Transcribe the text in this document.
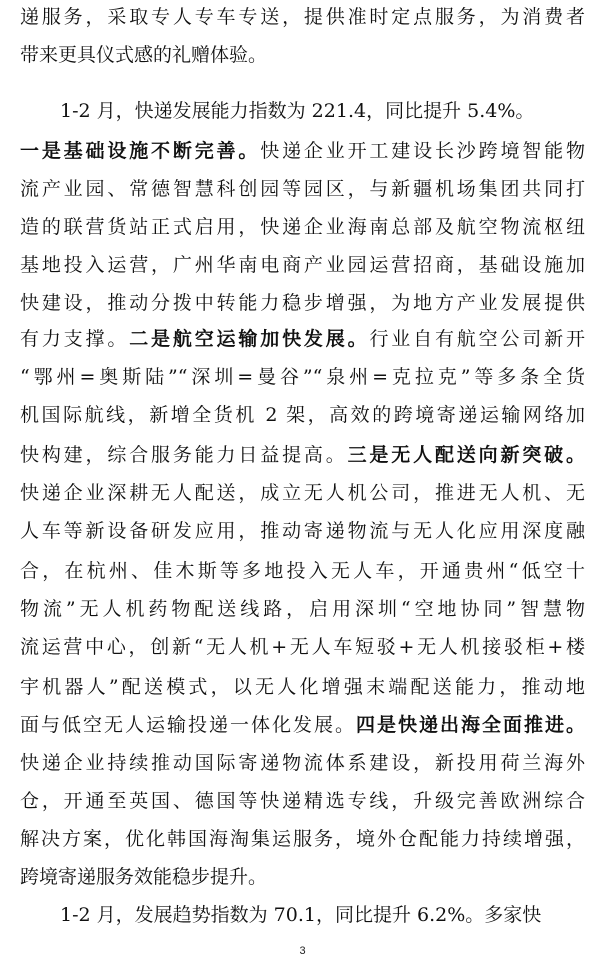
递服务，采取专人专车专送，提供准时定点服务，为消费者
带来更具仪式感的礼赠体验。
1-2 月，快递发展能力指数为 221.4，同比提升 5.4%。
一是基础设施不断完善。快递企业开工建设长沙跨境智能物
流产业园、常德智慧科创园等园区，与新疆机场集团共同打
造的联营货站正式启用，快递企业海南总部及航空物流枢纽
基地投入运营，广州华南电商产业园运营招商，基础设施加
快建设，推动分拨中转能力稳步增强，为地方产业发展提供
有力支撑。二是航空运输加快发展。行业自有航空公司新开
“鄂州=奥斯陆”“深圳=曼谷”“泉州=克拉克”等多条全货
机国际航线，新增全货机 2 架，高效的跨境寄递运输网络加
快构建，综合服务能力日益提高。三是无人配送向新突破。
快递企业深耕无人配送，成立无人机公司，推进无人机、无
人车等新设备研发应用，推动寄递物流与无人化应用深度融
合，在杭州、佳木斯等多地投入无人车，开通贵州“低空十
物流”无人机药物配送线路，启用深圳“空地协同”智慧物
流运营中心，创新“无人机+无人车短驳+无人机接驳柜+楼
宇机器人”配送模式，以无人化增强末端配送能力，推动地
面与低空无人运输投递一体化发展。四是快递出海全面推进。
快递企业持续推动国际寄递物流体系建设，新投用荷兰海外
仓，开通至英国、德国等快递精选专线，升级完善欧洲综合
解决方案，优化韩国海淘集运服务，境外仓配能力持续增强，
跨境寄递服务效能稳步提升。
1-2 月，发展趋势指数为 70.1，同比提升 6.2%。多家快
3
